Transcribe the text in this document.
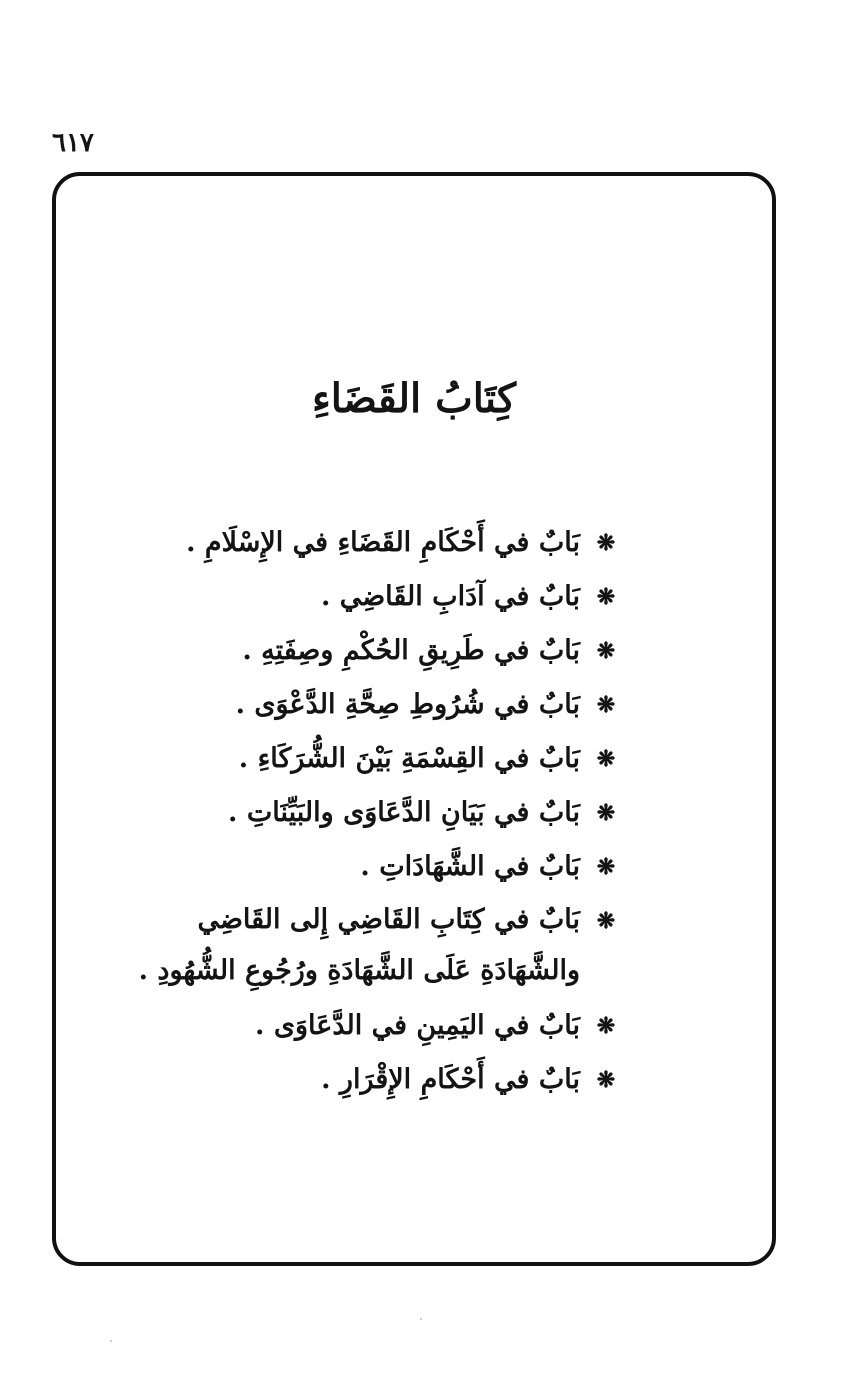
٦١٧
كِتَابُ القَضَاءِ
❋
بَابٌ في أَحْكَامِ القَضَاءِ في الإِسْلَامِ .
❋
بَابٌ في آدَابِ القَاضِي .
❋
بَابٌ في طَرِيقِ الحُكْمِ وصِفَتِهِ .
❋
بَابٌ في شُرُوطِ صِحَّةِ الدَّعْوَى .
❋
بَابٌ في القِسْمَةِ بَيْنَ الشُّرَكَاءِ .
❋
بَابٌ في بَيَانِ الدَّعَاوَى والبَيِّنَاتِ .
❋
بَابٌ في الشَّهَادَاتِ .
❋
بَابٌ في كِتَابِ القَاضِي إِلى القَاضِي والشَّهَادَةِ عَلَى الشَّهَادَةِ ورُجُوعِ الشُّهُودِ .
❋
بَابٌ في اليَمِينِ في الدَّعَاوَى .
❋
بَابٌ في أَحْكَامِ الإِقْرَارِ .
